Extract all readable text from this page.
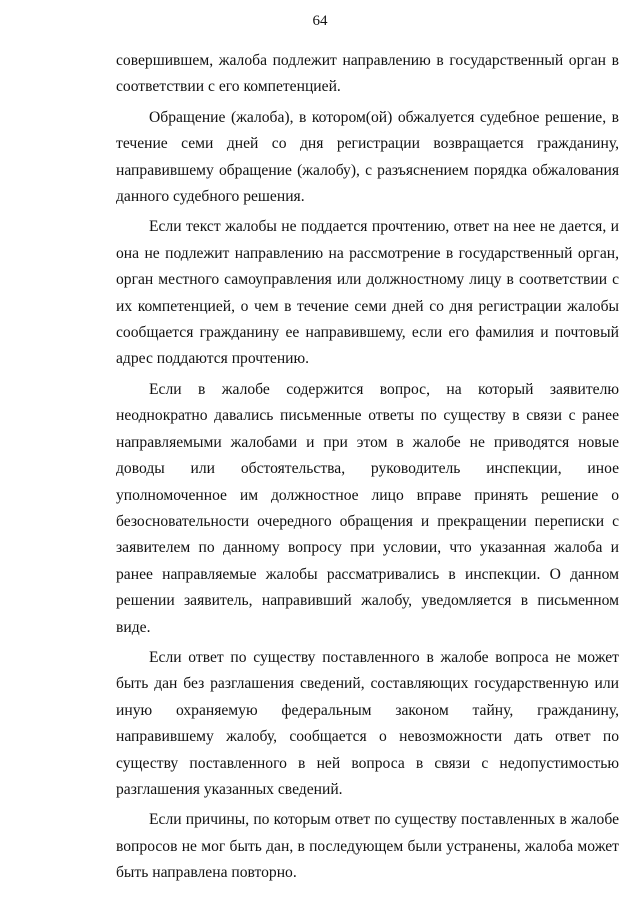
64

совершившем, жалоба подлежит направлению в государственный орган в соответствии с его компетенцией.

Обращение (жалоба), в котором(ой) обжалуется судебное решение, в течение семи дней со дня регистрации возвращается гражданину, направившему обращение (жалобу), с разъяснением порядка обжалования данного судебного решения.

Если текст жалобы не поддается прочтению, ответ на нее не дается, и она не подлежит направлению на рассмотрение в государственный орган, орган местного самоуправления или должностному лицу в соответствии с их компетенцией, о чем в течение семи дней со дня регистрации жалобы сообщается гражданину ее направившему, если его фамилия и почтовый адрес поддаются прочтению.

Если в жалобе содержится вопрос, на который заявителю неоднократно давались письменные ответы по существу в связи с ранее направляемыми жалобами и при этом в жалобе не приводятся новые доводы или обстоятельства, руководитель инспекции, иное уполномоченное им должностное лицо вправе принять решение о безосновательности очередного обращения и прекращении переписки с заявителем по данному вопросу при условии, что указанная жалоба и ранее направляемые жалобы рассматривались в инспекции. О данном решении заявитель, направивший жалобу, уведомляется в письменном виде.

Если ответ по существу поставленного в жалобе вопроса не может быть дан без разглашения сведений, составляющих государственную или иную охраняемую федеральным законом тайну, гражданину, направившему жалобу, сообщается о невозможности дать ответ по существу поставленного в ней вопроса в связи с недопустимостью разглашения указанных сведений.

Если причины, по которым ответ по существу поставленных в жалобе вопросов не мог быть дан, в последующем были устранены, жалоба может быть направлена повторно.
